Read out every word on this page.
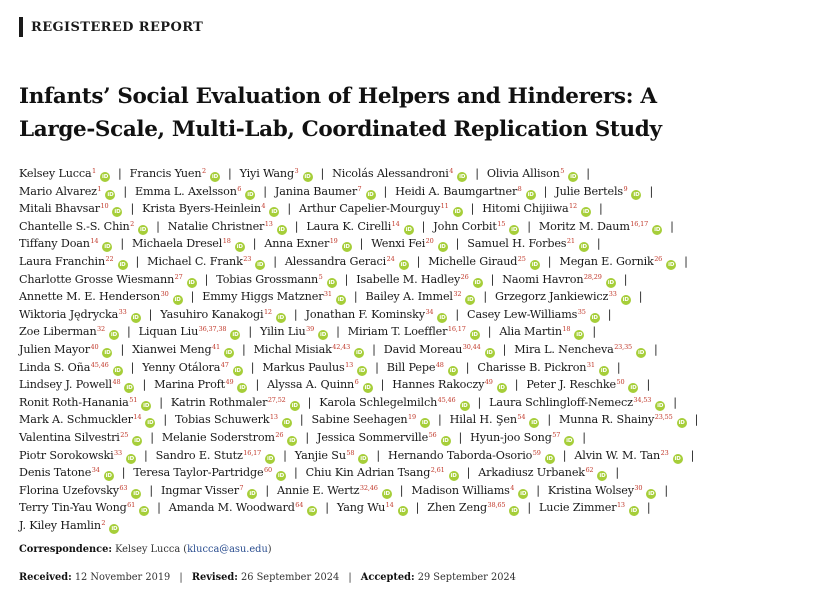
REGISTERED REPORT
Infants’ Social Evaluation of Helpers and Hinderers: A
Large-Scale, Multi-Lab, Coordinated Replication Study
Kelsey Lucca$^1$iD | Francis Yuen$^2$iD | Yiyi Wang$^3$iD | Nicolás Alessandroni$^4$iD | Olivia Allison$^5$iD |
Mario Alvarez$^1$iD | Emma L. Axelsson$^6$iD | Janina Baumer$^7$iD | Heidi A. Baumgartner$^8$iD | Julie Bertels$^9$iD |
Mitali Bhavsar$^{10}$iD | Krista Byers-Heinlein$^4$iD | Arthur Capelier-Mourguy$^{11}$iD | Hitomi Chijiiwa$^{12}$iD |
Chantelle S.-S. Chin$^2$iD | Natalie Christner$^{13}$iD | Laura K. Cirelli$^{14}$iD | John Corbit$^{15}$iD | Moritz M. Daum$^{16,17}$iD |
Tiffany Doan$^{14}$iD | Michaela Dresel$^{18}$iD | Anna Exner$^{19}$iD | Wenxi Fei$^{20}$iD | Samuel H. Forbes$^{21}$iD |
Laura Franchin$^{22}$iD | Michael C. Frank$^{23}$iD | Alessandra Geraci$^{24}$iD | Michelle Giraud$^{25}$iD | Megan E. Gornik$^{26}$iD |
Charlotte Grosse Wiesmann$^{27}$iD | Tobias Grossmann$^5$iD | Isabelle M. Hadley$^{26}$iD | Naomi Havron$^{28,29}$iD |
Annette M. E. Henderson$^{30}$iD | Emmy Higgs Matzner$^{31}$iD | Bailey A. Immel$^{32}$iD | Grzegorz Jankiewicz$^{33}$iD |
Wiktoria Jędrycka$^{33}$iD | Yasuhiro Kanakogi$^{12}$iD | Jonathan F. Kominsky$^{34}$iD | Casey Lew-Williams$^{35}$iD |
Zoe Liberman$^{32}$iD | Liquan Liu$^{36,37,38}$iD | Yilin Liu$^{39}$iD | Miriam T. Loeffler$^{16,17}$iD | Alia Martin$^{18}$iD |
Julien Mayor$^{40}$iD | Xianwei Meng$^{41}$iD | Michal Misiak$^{42,43}$iD | David Moreau$^{30,44}$iD | Mira L. Nencheva$^{23,35}$iD |
Linda S. Oña$^{45,46}$iD | Yenny Otálora$^{47}$iD | Markus Paulus$^{13}$iD | Bill Pepe$^{48}$iD | Charisse B. Pickron$^{31}$iD |
Lindsey J. Powell$^{48}$iD | Marina Proft$^{49}$iD | Alyssa A. Quinn$^6$iD | Hannes Rakoczy$^{49}$iD | Peter J. Reschke$^{50}$iD |
Ronit Roth-Hanania$^{51}$iD | Katrin Rothmaler$^{27,52}$iD | Karola Schlegelmilch$^{45,46}$iD | Laura Schlingloff-Nemecz$^{34,53}$iD |
Mark A. Schmuckler$^{14}$iD | Tobias Schuwerk$^{13}$iD | Sabine Seehagen$^{19}$iD | Hilal H. Şen$^{54}$iD | Munna R. Shainy$^{23,55}$iD |
Valentina Silvestri$^{25}$iD | Melanie Soderstrom$^{26}$iD | Jessica Sommerville$^{56}$iD | Hyun-joo Song$^{57}$iD |
Piotr Sorokowski$^{33}$iD | Sandro E. Stutz$^{16,17}$iD | Yanjie Su$^{58}$iD | Hernando Taborda-Osorio$^{59}$iD | Alvin W. M. Tan$^{23}$iD |
Denis Tatone$^{34}$iD | Teresa Taylor-Partridge$^{60}$iD | Chiu Kin Adrian Tsang$^{2,61}$iD | Arkadiusz Urbanek$^{62}$iD |
Florina Uzefovsky$^{63}$iD | Ingmar Visser$^7$iD | Annie E. Wertz$^{32,46}$iD | Madison Williams$^4$iD | Kristina Wolsey$^{30}$iD |
Terry Tin-Yau Wong$^{61}$iD | Amanda M. Woodward$^{64}$iD | Yang Wu$^{14}$iD | Zhen Zeng$^{38,65}$iD | Lucie Zimmer$^{13}$iD |
J. Kiley Hamlin$^2$iD
Correspondence: Kelsey Lucca (klucca@asu.edu)
Received: 12 November 2019 | Revised: 26 September 2024 | Accepted: 29 September 2024
